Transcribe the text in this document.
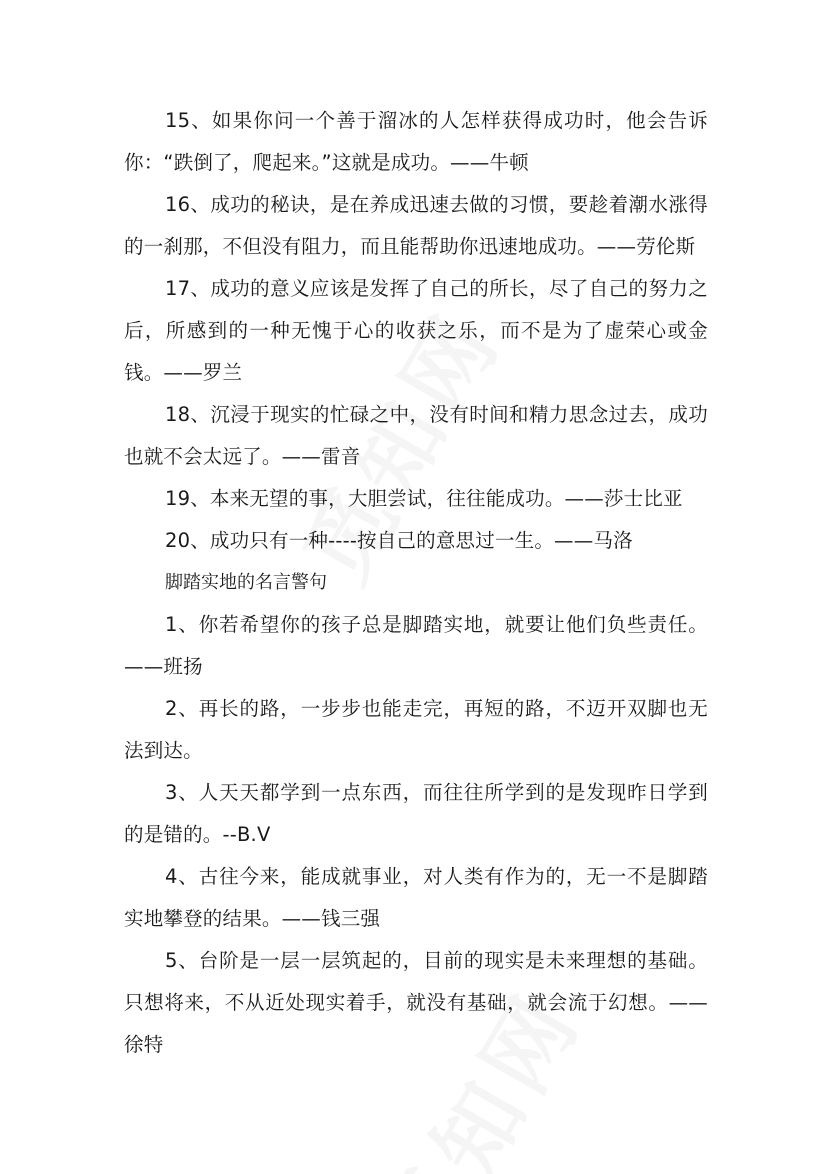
15、如果你问一个善于溜冰的人怎样获得成功时，他会告诉你：“跌倒了，爬起来。”这就是成功。——牛顿

16、成功的秘诀，是在养成迅速去做的习惯，要趁着潮水涨得的一刹那，不但没有阻力，而且能帮助你迅速地成功。——劳伦斯

17、成功的意义应该是发挥了自己的所长，尽了自己的努力之后，所感到的一种无愧于心的收获之乐，而不是为了虚荣心或金钱。——罗兰

18、沉浸于现实的忙碌之中，没有时间和精力思念过去，成功也就不会太远了。——雷音

19、本来无望的事，大胆尝试，往往能成功。——莎士比亚

20、成功只有一种----按自己的意思过一生。——马洛

脚踏实地的名言警句

1、你若希望你的孩子总是脚踏实地，就要让他们负些责任。——班扬

2、再长的路，一步步也能走完，再短的路，不迈开双脚也无法到达。

3、人天天都学到一点东西，而往往所学到的是发现昨日学到的是错的。--B.V

4、古往今来，能成就事业，对人类有作为的，无一不是脚踏实地攀登的结果。——钱三强

5、台阶是一层一层筑起的，目前的现实是未来理想的基础。只想将来，不从近处现实着手，就没有基础，就会流于幻想。——徐特
